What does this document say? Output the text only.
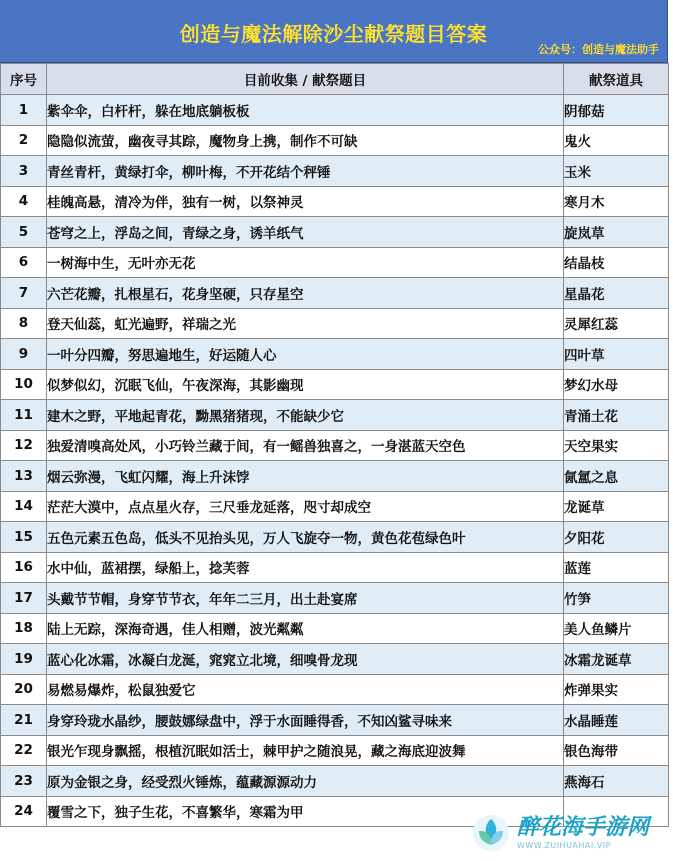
创造与魔法解除沙尘献祭题目答案
公众号：创造与魔法助手
序号	目前收集 / 献祭题目	献祭道具
1	紫伞伞，白杆杆，躲在地底躺板板	阴郁菇
2	隐隐似流萤，幽夜寻其踪，魔物身上携，制作不可缺	鬼火
3	青丝青杆，黄绿打伞，柳叶梅，不开花结个秤锤	玉米
4	桂魄高悬，清冷为伴，独有一树，以祭神灵	寒月木
5	苍穹之上，浮岛之间，青绿之身，诱羊纸气	旋岚草
6	一树海中生，无叶亦无花	结晶枝
7	六芒花瓣，扎根星石，花身坚硬，只存星空	星晶花
8	登天仙蕊，虹光遍野，祥瑞之光	灵犀红蕊
9	一叶分四瓣，努思遍地生，好运随人心	四叶草
10	似梦似幻，沉眠飞仙，午夜深海，其影幽现	梦幻水母
11	建木之野，平地起青花，黝黑猪猪现，不能缺少它	青涌土花
12	独爱清嗅高处风，小巧铃兰藏于间，有一鳐兽独喜之，一身湛蓝天空色	天空果实
13	烟云弥漫，飞虹闪耀，海上升沫饽	氤氲之息
14	茫茫大漠中，点点星火存，三尺垂龙延落，咫寸却成空	龙诞草
15	五色元素五色岛，低头不见抬头见，万人飞旋夺一物，黄色花苞绿色叶	夕阳花
16	水中仙，蓝裙摆，绿船上，捻芙蓉	蓝莲
17	头戴节节帽，身穿节节衣，年年二三月，出土赴宴席	竹笋
18	陆上无踪，深海奇遇，佳人相赠，波光粼粼	美人鱼鳞片
19	蓝心化冰霜，冰凝白龙涎，窕窕立北境，细嗅骨龙现	冰霜龙诞草
20	易燃易爆炸，松鼠独爱它	炸弹果实
21	身穿玲珑水晶纱，腰鼓娜绿盘中，浮于水面睡得香，不知凶鲨寻味来	水晶睡莲
22	银光乍现身飘摇，根植沉眠如活士，棘甲护之随浪晃，藏之海底迎波舞	银色海带
23	原为金银之身，经受烈火锤炼，蕴藏源源动力	燕海石
24	覆雪之下，独子生花，不喜繁华，寒霜为甲	
醉花海手游网
WWW.ZUIHUAHAI.VIP
